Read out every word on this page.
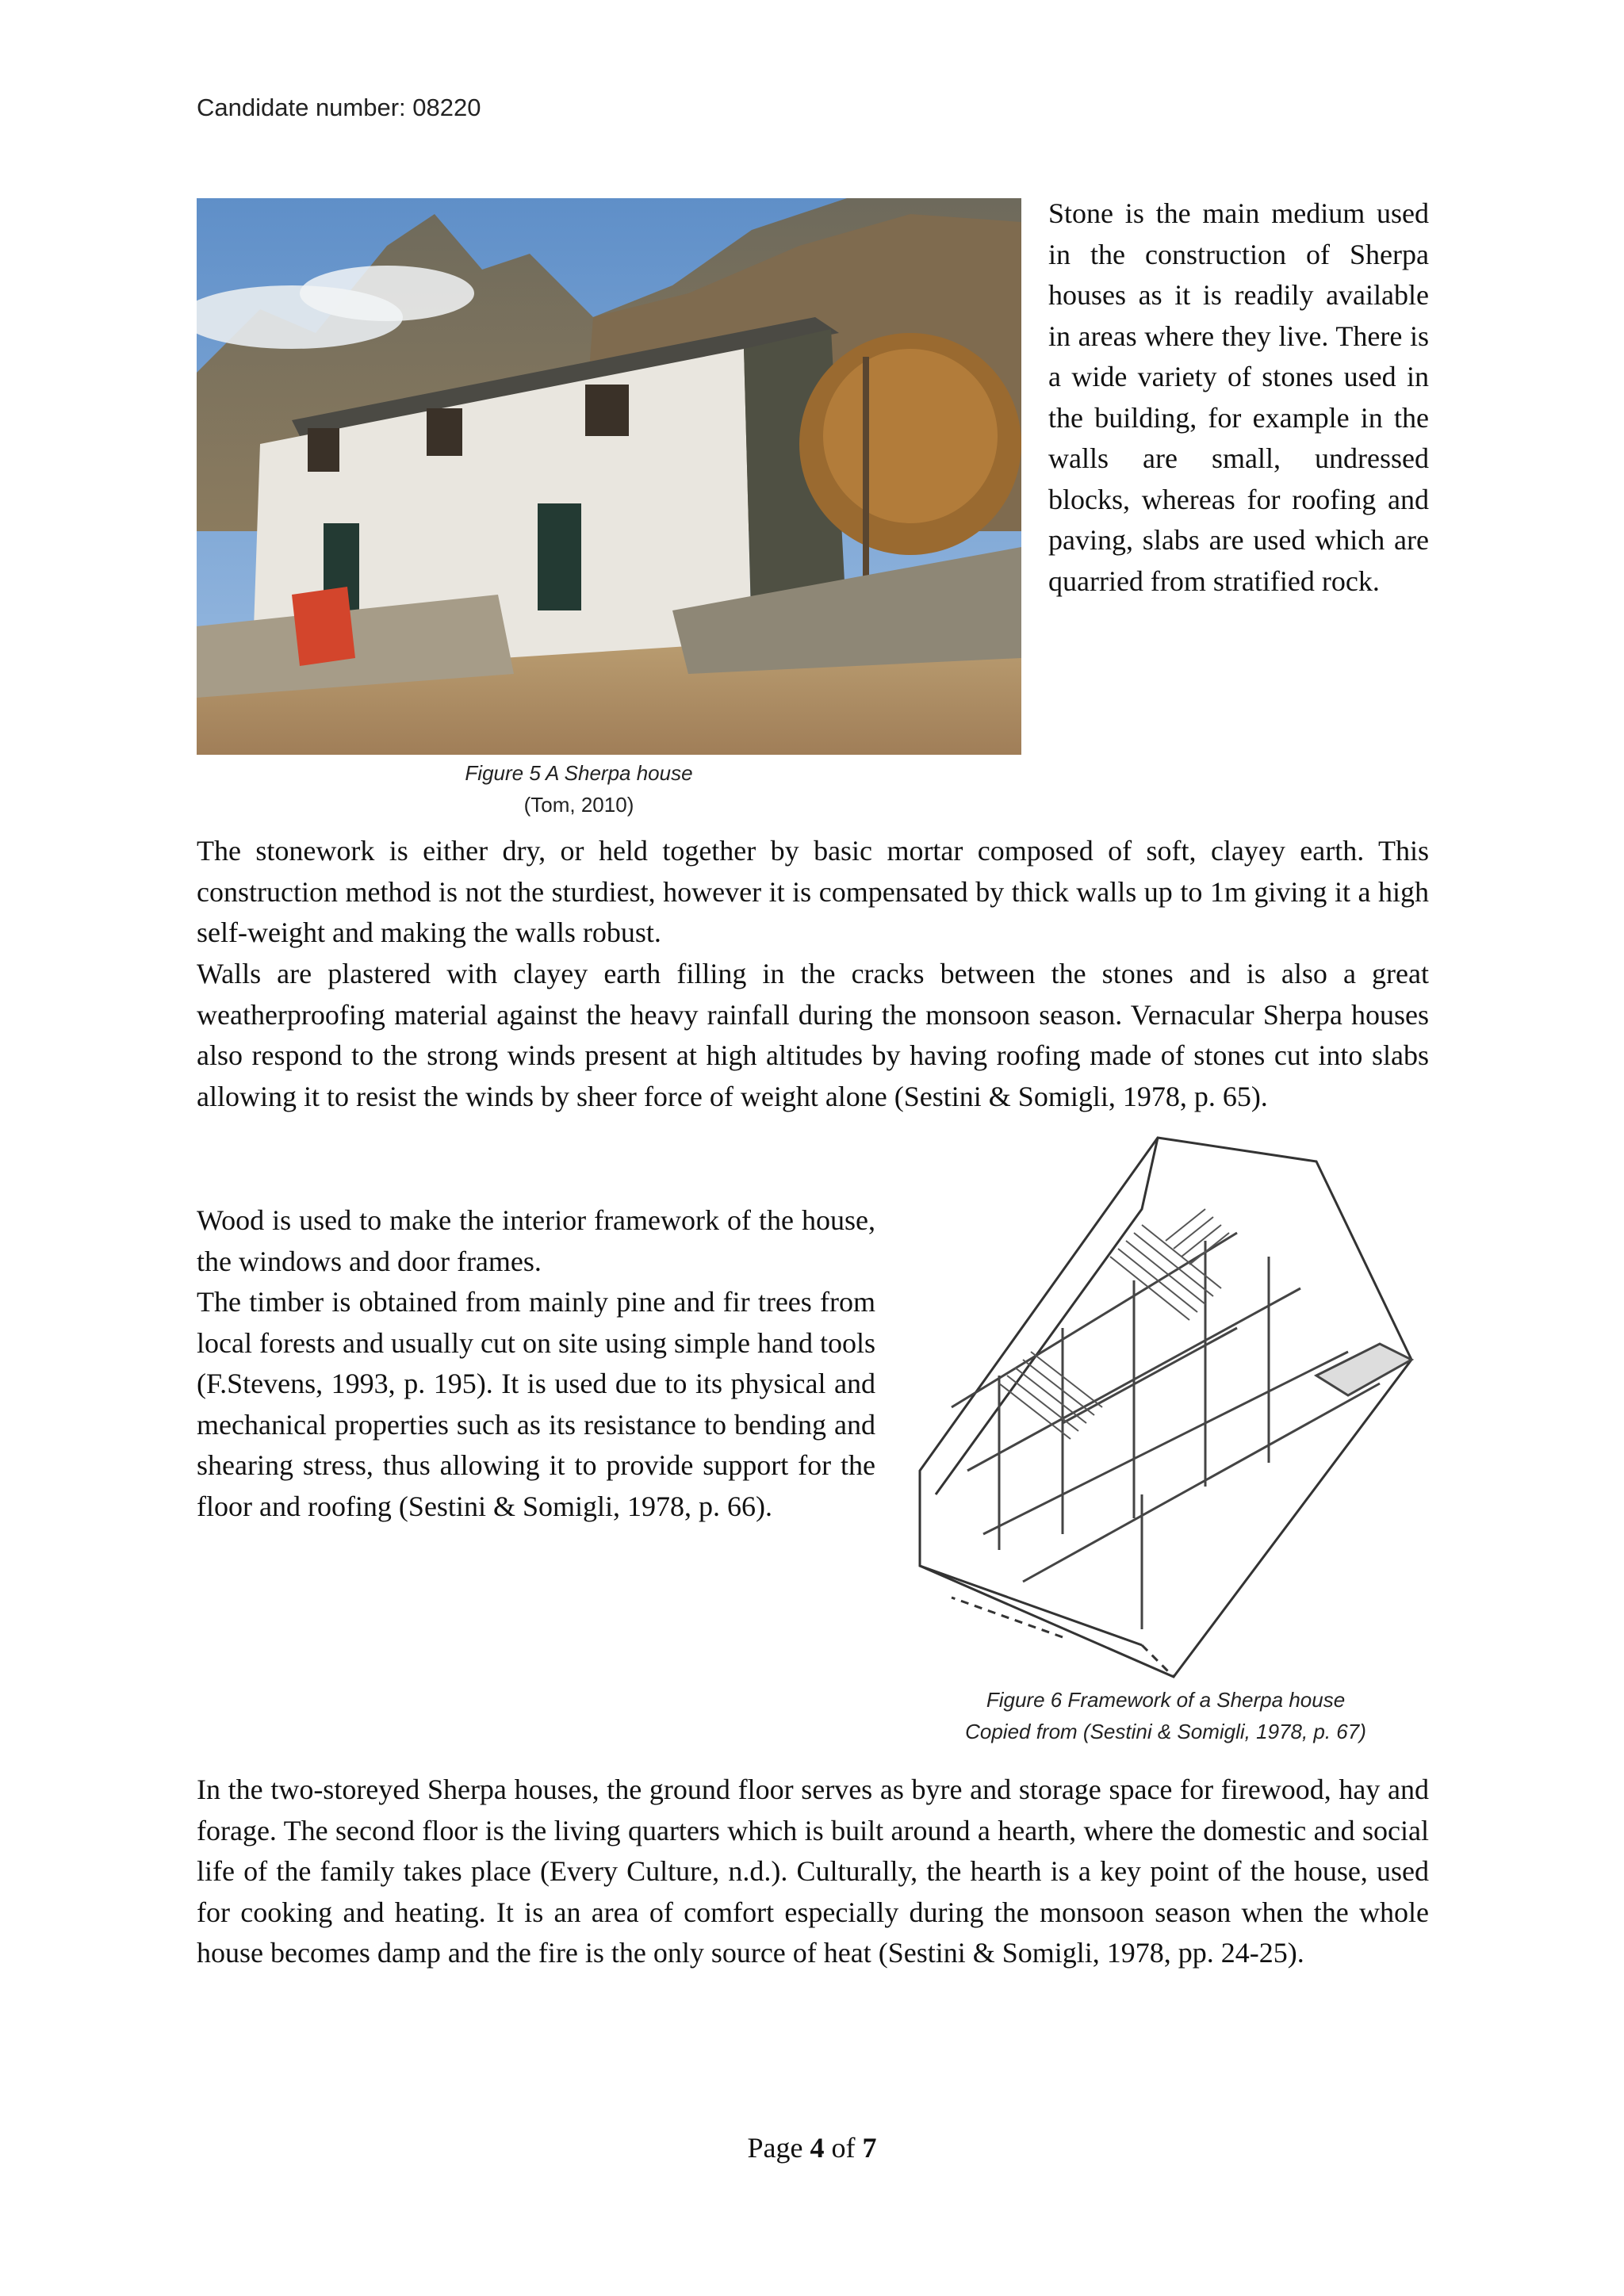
Candidate number: 08220

Stone is the main medium used in the construction of Sherpa houses as it is readily available in areas where they live. There is a wide variety of stones used in the building, for example in the walls are small, undressed blocks, whereas for roofing and paving, slabs are used which are quarried from stratified rock.

Figure 5 A Sherpa house
(Tom, 2010)

The stonework is either dry, or held together by basic mortar composed of soft, clayey earth. This construction method is not the sturdiest, however it is compensated by thick walls up to 1m giving it a high self-weight and making the walls robust.

Walls are plastered with clayey earth filling in the cracks between the stones and is also a great weatherproofing material against the heavy rainfall during the monsoon season. Vernacular Sherpa houses also respond to the strong winds present at high altitudes by having roofing made of stones cut into slabs allowing it to resist the winds by sheer force of weight alone (Sestini & Somigli, 1978, p. 65).

Wood is used to make the interior framework of the house, the windows and door frames.

The timber is obtained from mainly pine and fir trees from local forests and usually cut on site using simple hand tools (F.Stevens, 1993, p. 195). It is used due to its physical and mechanical properties such as its resistance to bending and shearing stress, thus allowing it to provide support for the floor and roofing (Sestini & Somigli, 1978, p. 66).

Figure 6 Framework of a Sherpa house
Copied from (Sestini & Somigli, 1978, p. 67)

In the two-storeyed Sherpa houses, the ground floor serves as byre and storage space for firewood, hay and forage. The second floor is the living quarters which is built around a hearth, where the domestic and social life of the family takes place (Every Culture, n.d.). Culturally, the hearth is a key point of the house, used for cooking and heating. It is an area of comfort especially during the monsoon season when the whole house becomes damp and the fire is the only source of heat (Sestini & Somigli, 1978, pp. 24-25).

Page 4 of 7
